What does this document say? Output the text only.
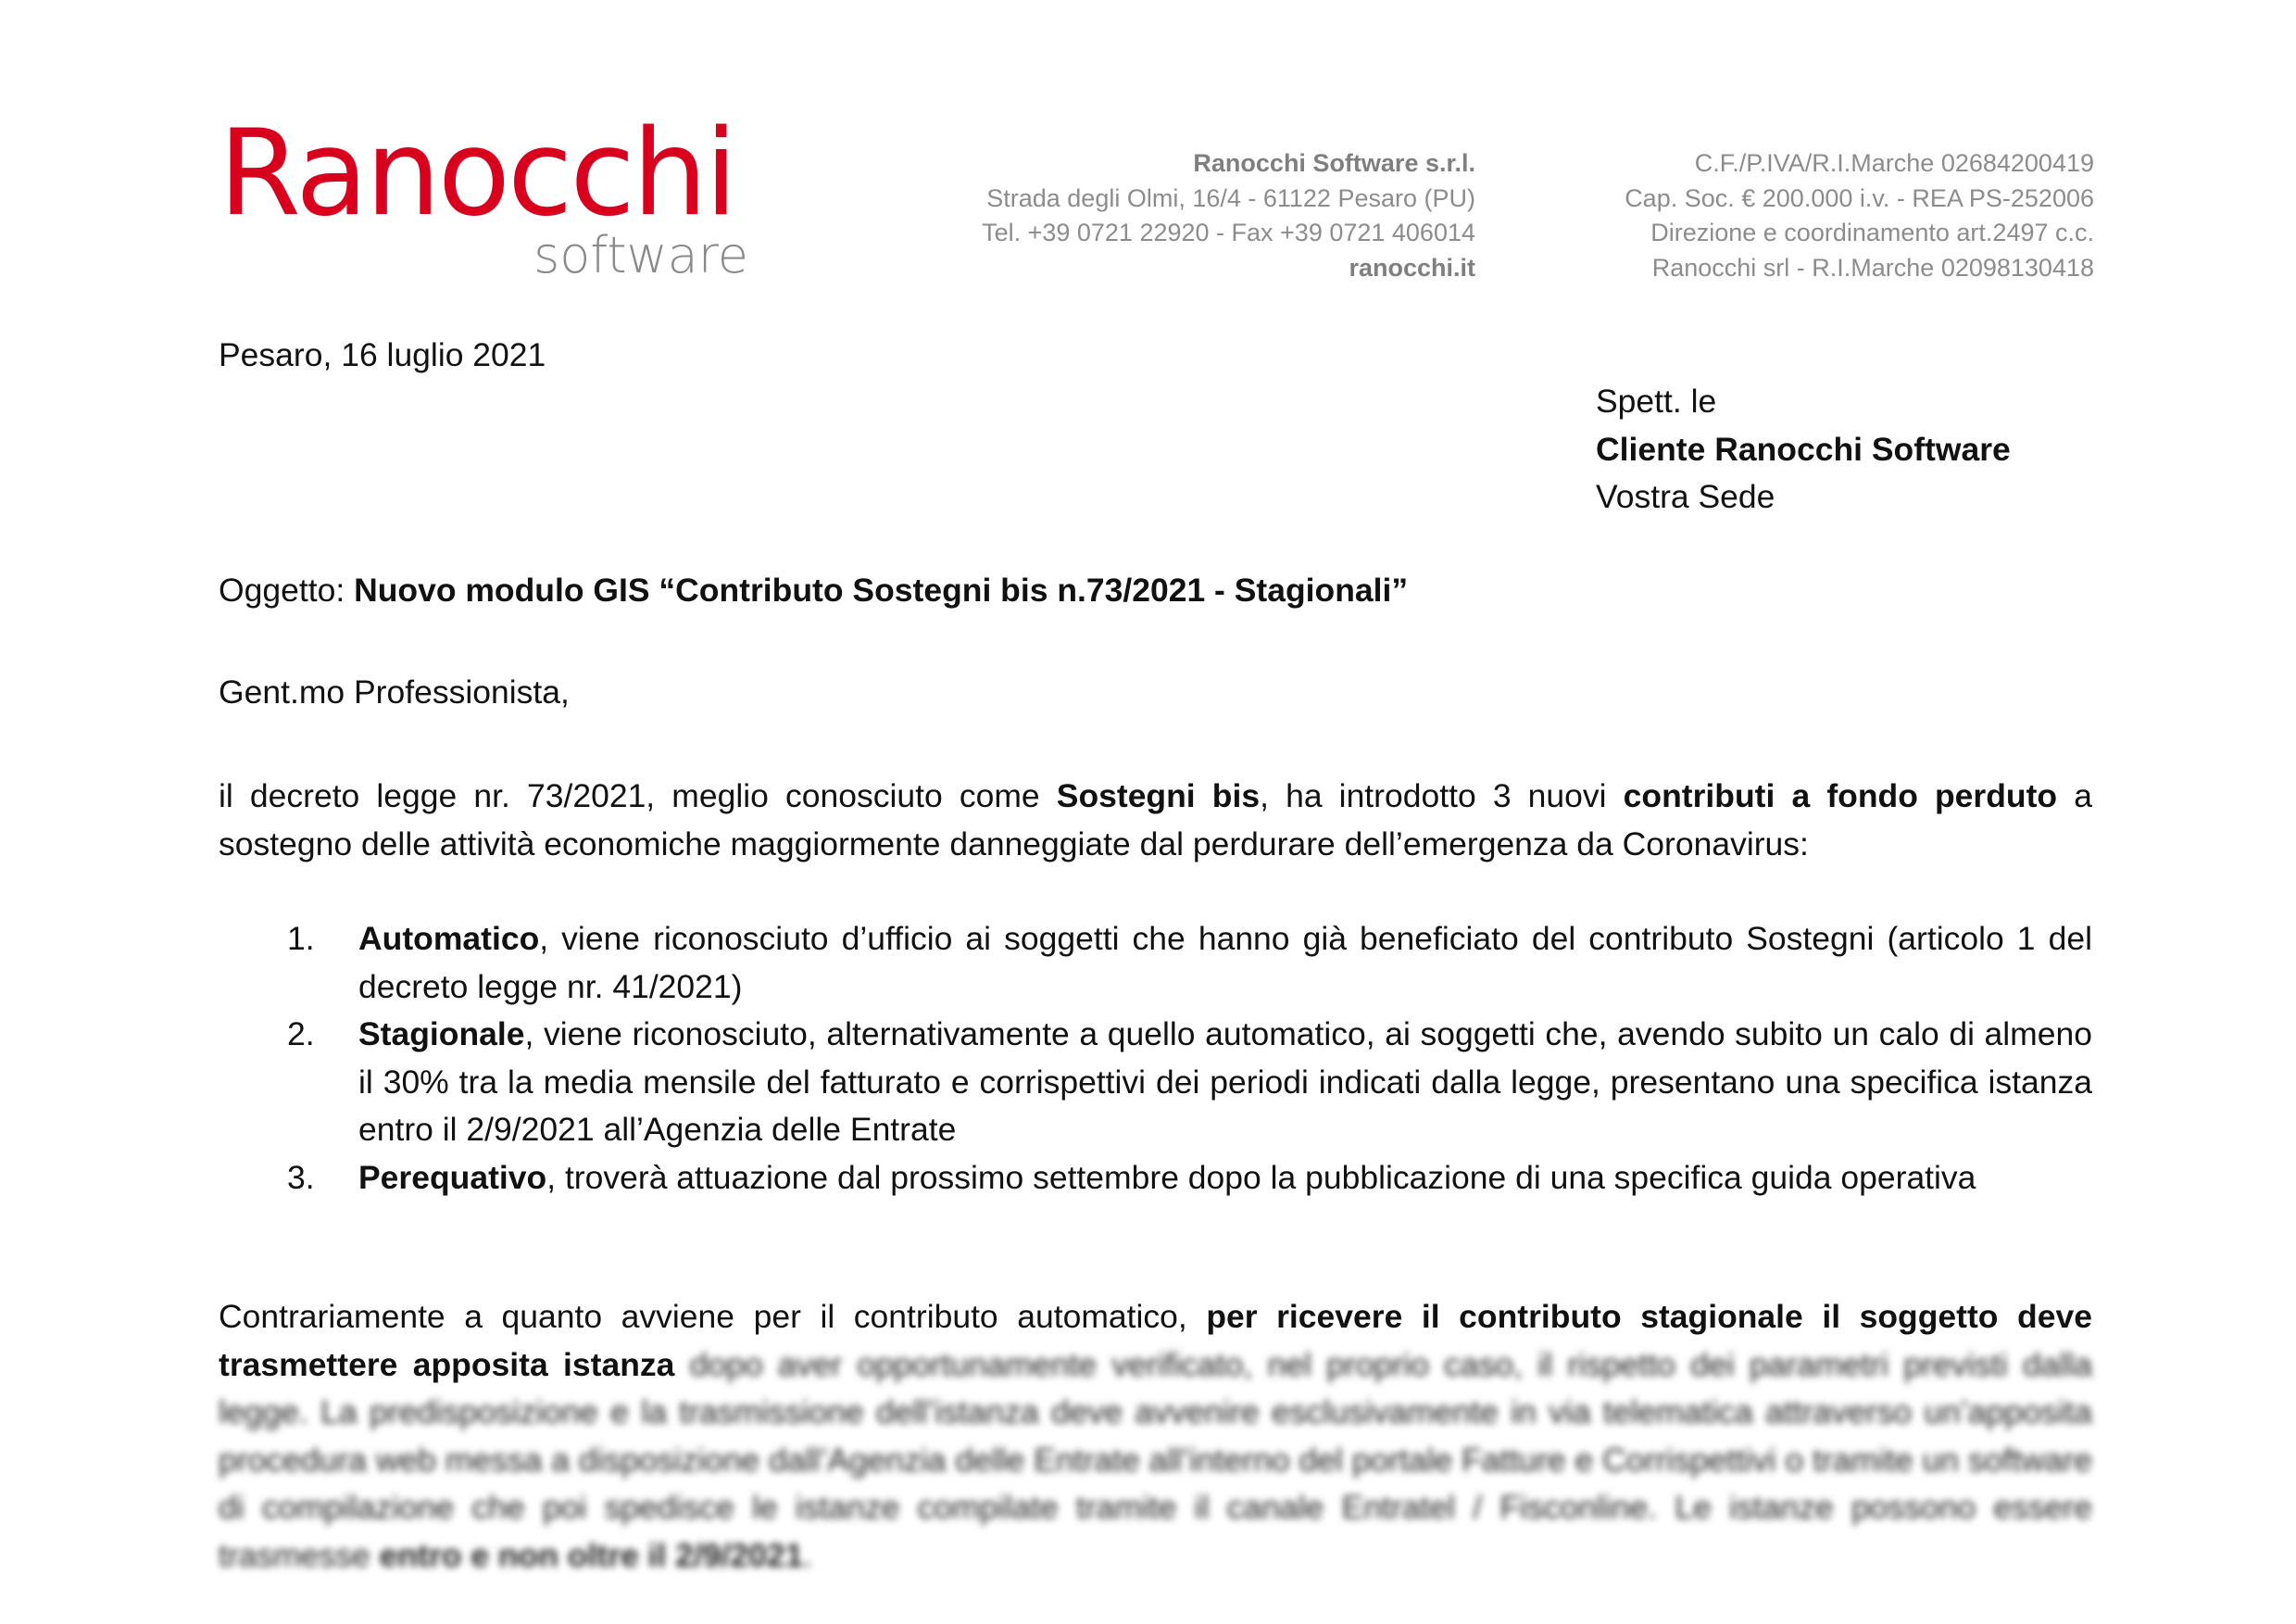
Ranocchi
software
Ranocchi Software s.r.l.
Strada degli Olmi, 16/4 - 61122 Pesaro (PU)
Tel. +39 0721 22920 - Fax +39 0721 406014
ranocchi.it
C.F./P.IVA/R.I.Marche 02684200419
Cap. Soc. € 200.000 i.v. - REA PS-252006
Direzione e coordinamento art.2497 c.c.
Ranocchi srl - R.I.Marche 02098130418
Pesaro, 16 luglio 2021
Spett. le
Cliente Ranocchi Software
Vostra Sede
Oggetto: Nuovo modulo GIS “Contributo Sostegni bis n.73/2021 - Stagionali”
Gent.mo Professionista,
il decreto legge nr. 73/2021, meglio conosciuto come Sostegni bis, ha introdotto 3 nuovi contributi a fondo perduto a sostegno delle attività economiche maggiormente danneggiate dal perdurare dell’emergenza da Coronavirus:
1. Automatico, viene riconosciuto d’ufficio ai soggetti che hanno già beneficiato del contributo Sostegni (articolo 1 del decreto legge nr. 41/2021)
2. Stagionale, viene riconosciuto, alternativamente a quello automatico, ai soggetti che, avendo subito un calo di almeno il 30% tra la media mensile del fatturato e corrispettivi dei periodi indicati dalla legge, presentano una specifica istanza entro il 2/9/2021 all’Agenzia delle Entrate
3. Perequativo, troverà attuazione dal prossimo settembre dopo la pubblicazione di una specifica guida operativa
Contrariamente a quanto avviene per il contributo automatico, per ricevere il contributo stagionale il soggetto deve trasmettere apposita istanza dopo aver opportunamente verificato, nel proprio caso, il rispetto dei parametri previsti dalla legge. La predisposizione e la trasmissione dell’istanza deve avvenire esclusivamente in via telematica attraverso un’apposita procedura web messa a disposizione dall’Agenzia delle Entrate all’interno del portale Fatture e Corrispettivi o tramite un software di compilazione che poi spedisce le istanze compilate tramite il canale Entratel / Fisconline. Le istanze possono essere trasmesse entro e non oltre il 2/9/2021.
